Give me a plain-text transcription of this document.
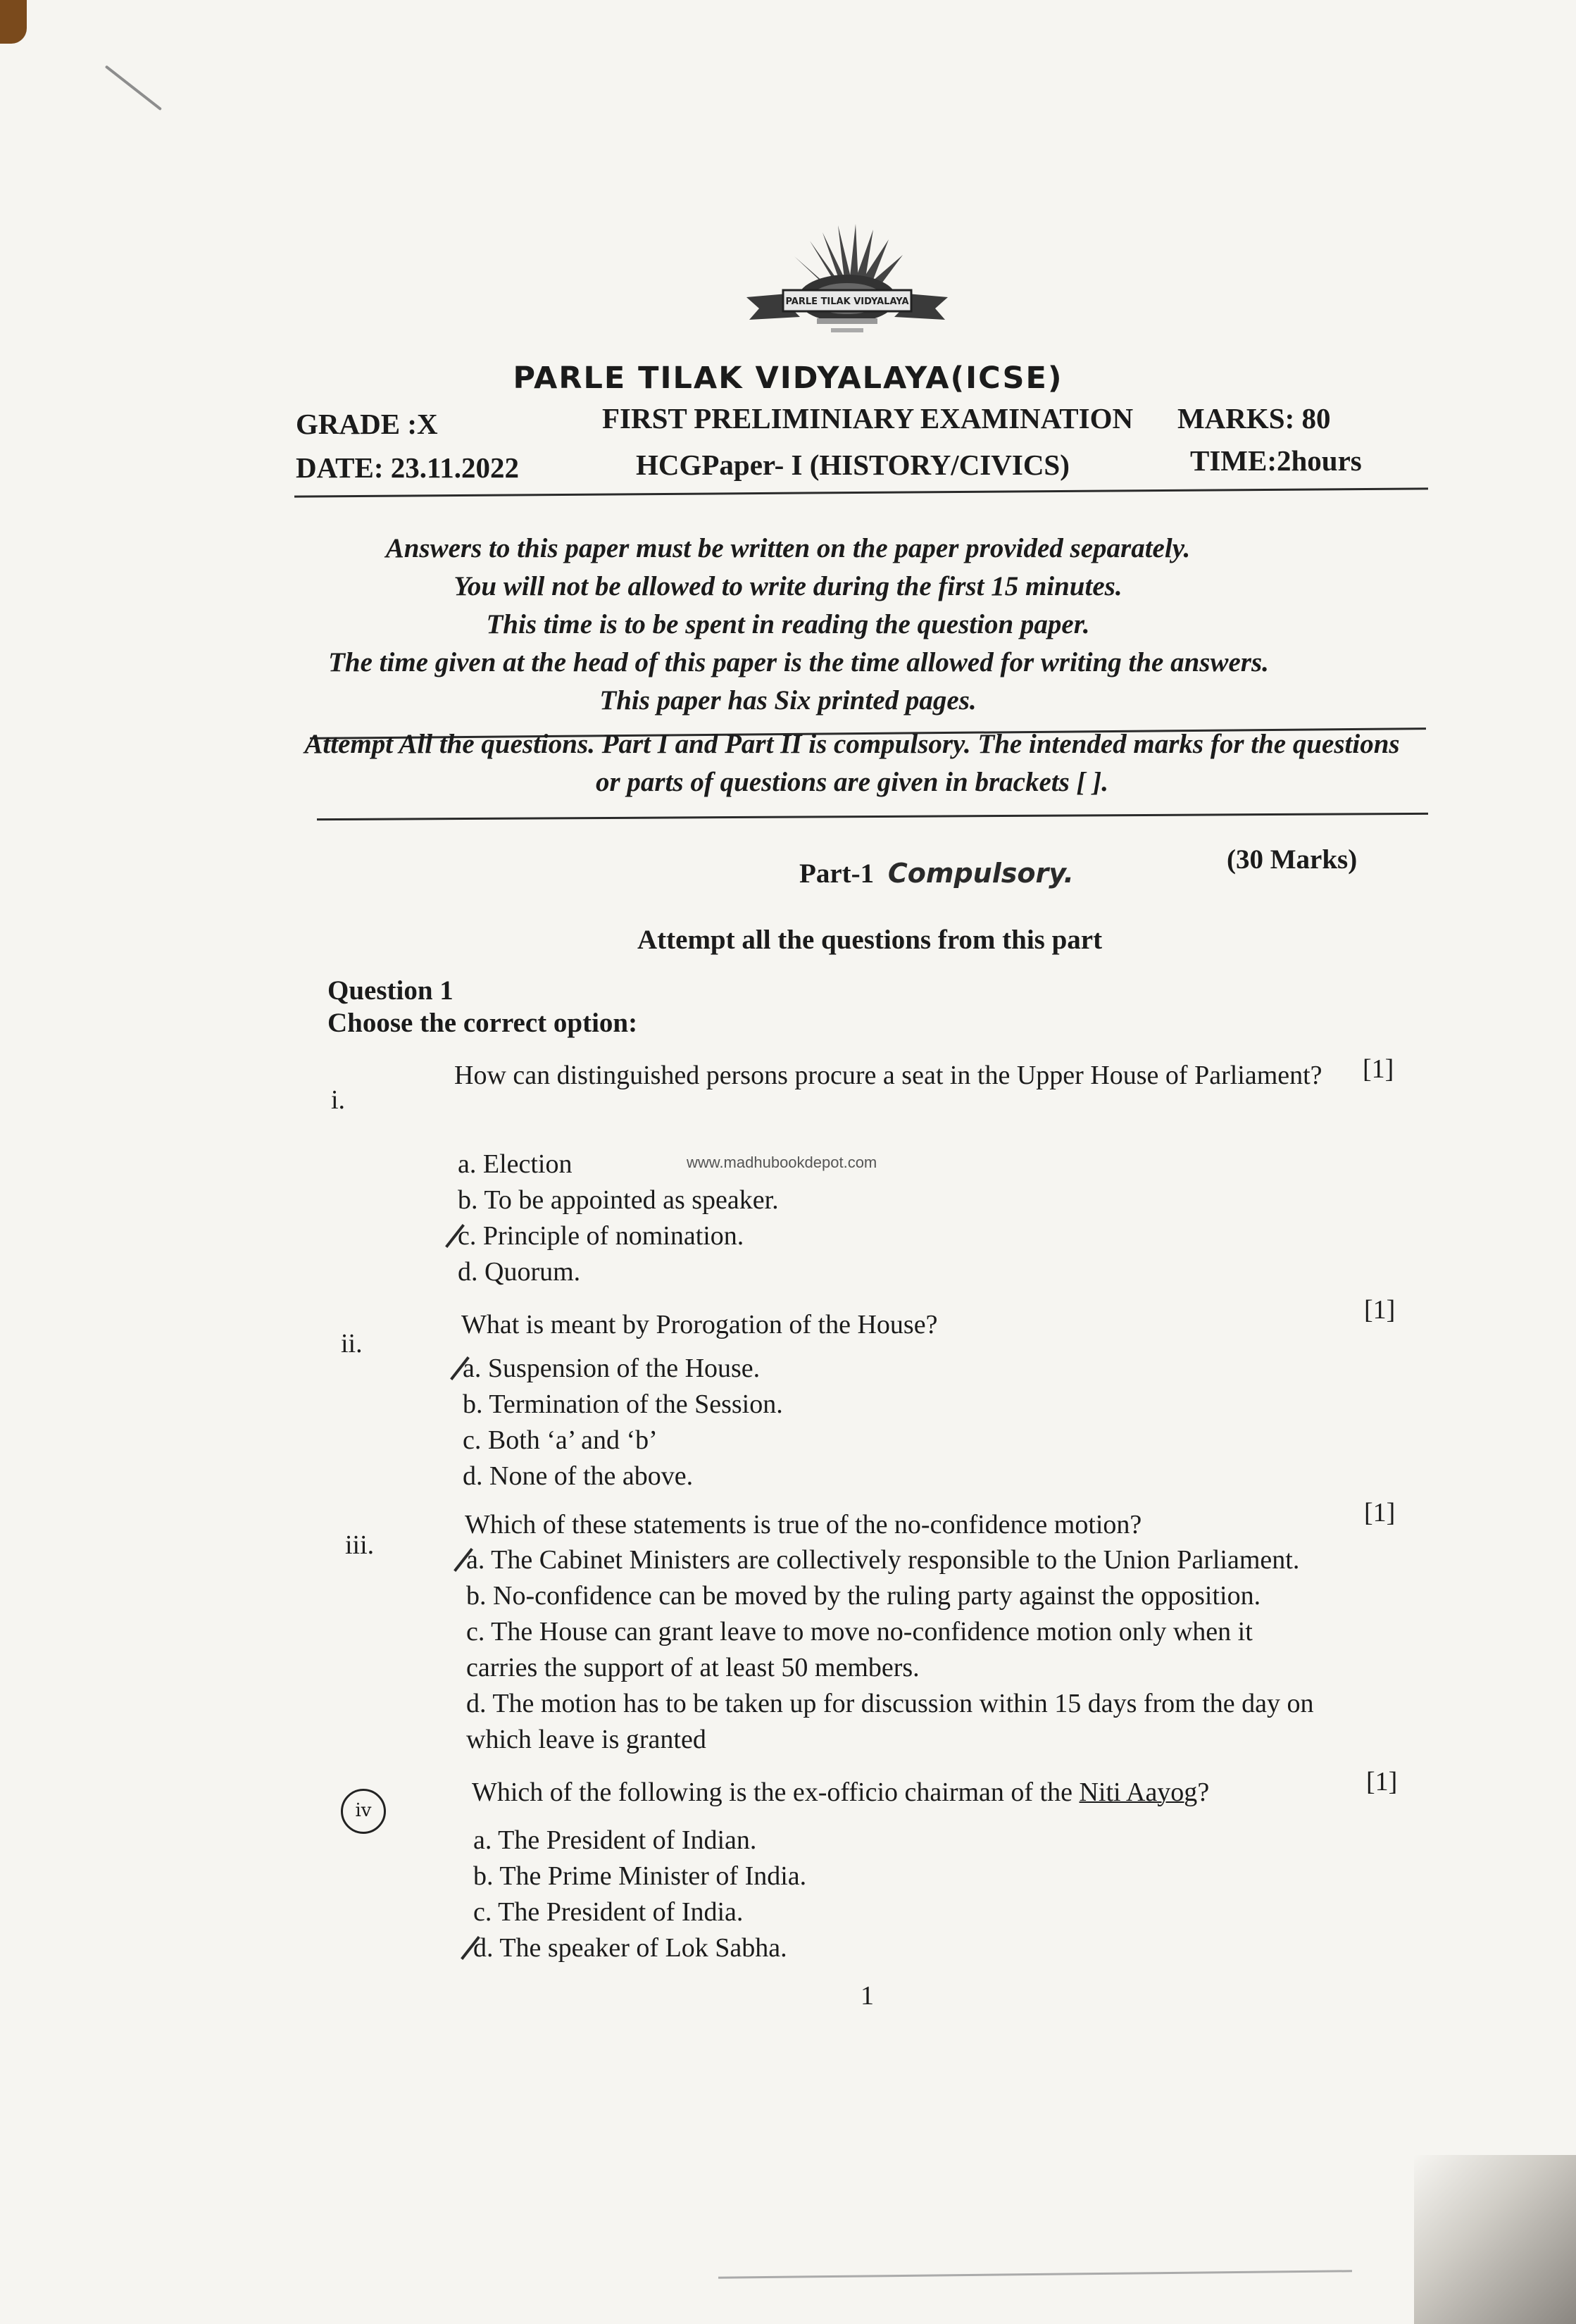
PARLE TILAK VIDYALAYA
PARLE TILAK VIDYALAYA(ICSE)
GRADE :X	FIRST PRELIMINIARY EXAMINATION MARKS: 80
DATE: 23.11.2022	HCGPaper- I (HISTORY/CIVICS)	TIME:2hours
Answers to this paper must be written on the paper provided separately.
You will not be allowed to write during the first 15 minutes.
This time is to be spent in reading the question paper.
The time given at the head of this paper is the time allowed for writing the answers.
This paper has Six printed pages.
Attempt All the questions. Part I and Part II is compulsory. The intended marks for the questions or parts of questions are given in brackets [ ].
Part-1 Compulsory.	(30 Marks)
Attempt all the questions from this part
Question 1
Choose the correct option:
i.
How can distinguished persons procure a seat in the Upper House of Parliament?	[1]
a. Election
b. To be appointed as speaker.
c. Principle of nomination.
d. Quorum.
www.madhubookdepot.com
ii.
What is meant by Prorogation of the House?	[1]
a. Suspension of the House.
b. Termination of the Session.
c. Both ‘a’ and ‘b’
d. None of the above.
iii.
Which of these statements is true of the no-confidence motion?	[1]
a. The Cabinet Ministers are collectively responsible to the Union Parliament.
b. No-confidence can be moved by the ruling party against the opposition.
c. The House can grant leave to move no-confidence motion only when it
carries the support of at least 50 members.
d. The motion has to be taken up for discussion within 15 days from the day on
which leave is granted
iv
Which of the following is the ex-officio chairman of the Niti Aayog?	[1]
a. The President of Indian.
b. The Prime Minister of India.
c. The President of India.
d. The speaker of Lok Sabha.
1
